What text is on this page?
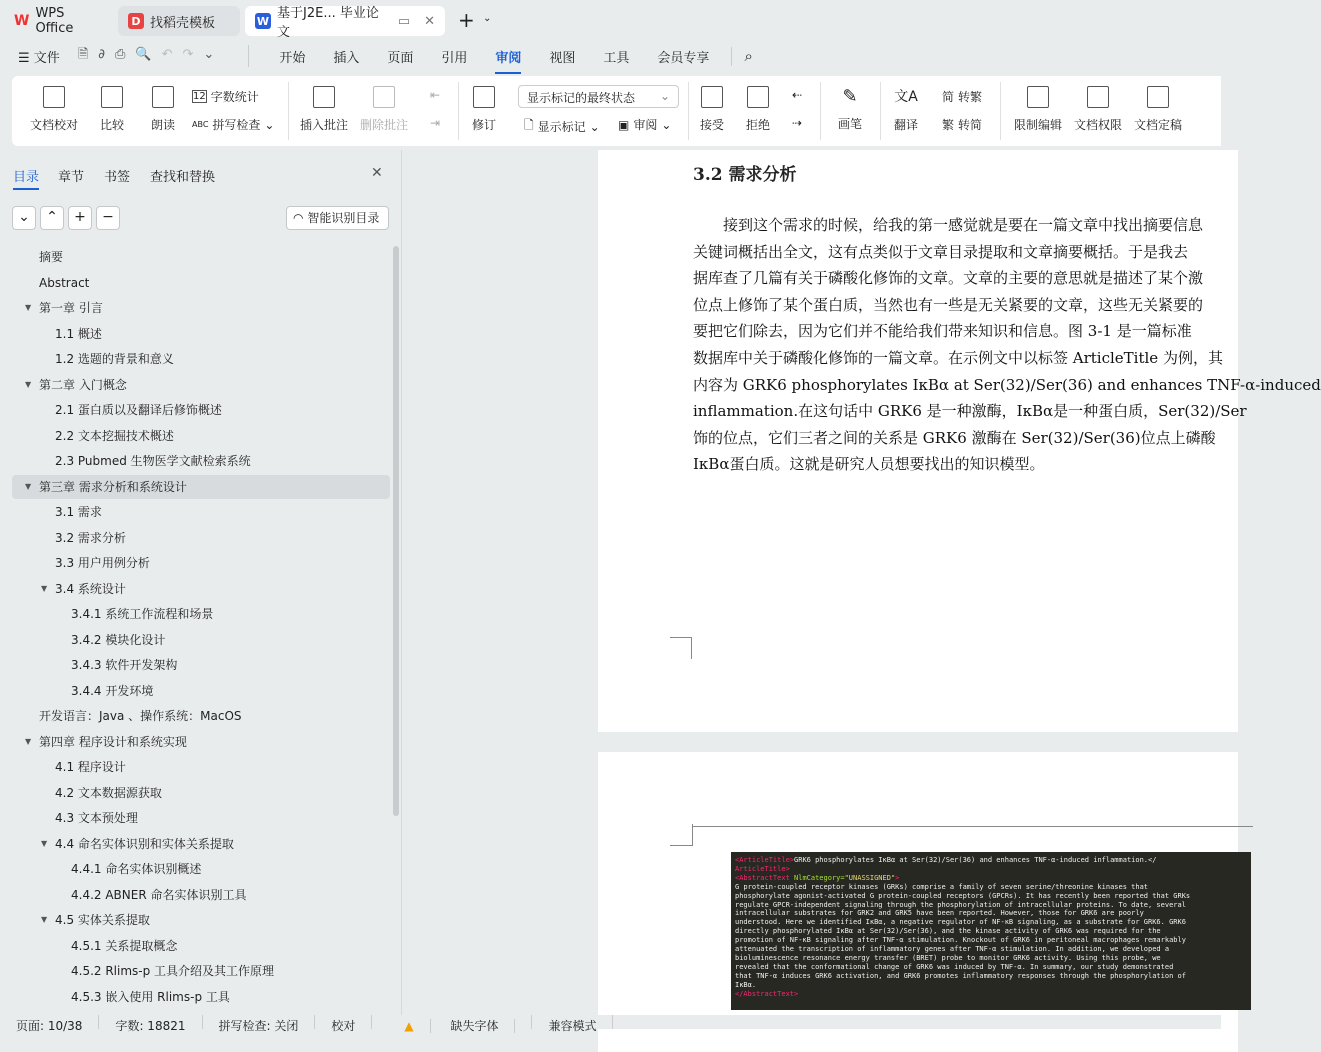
W WPS Office	D 找稻壳模板	W 基于J2E... 毕业论文
▭ ✕ + ⌄
☰ 文件	🗎∂⎙🔍↶↷⌄	开始	插入	页面	引用	审阅	视图	工具	会员专享	⌕
文档校对 比较 朗读
12 字数统计
ABC 拼写检查 ⌄ 插入批注 删除批注
⇤
⇥	修订
显示标记的最终状态 ⌄
🗋 显示标记 ⌄ ▣ 审阅 ⌄ 接受 拒绝
⇠
⇢
✎
画笔
文A
翻译
简 转繁
繁 转简	限制编辑 文档权限 文档定稿
目录 章节 书签 查找和替换	✕
⌄	⌃	+	−	◠ 智能识别目录
摘要
Abstract
▼ 第一章 引言
1.1 概述
1.2 选题的背景和意义
▼ 第二章 入门概念
2.1 蛋白质以及翻译后修饰概述
2.2 文本挖掘技术概述
2.3 Pubmed 生物医学文献检索系统
▼ 第三章 需求分析和系统设计
3.1 需求
3.2 需求分析
3.3 用户用例分析
▼ 3.4 系统设计
3.4.1 系统工作流程和场景
3.4.2 模块化设计
3.4.3 软件开发架构
3.4.4 开发环境
开发语言：Java 、操作系统：MacOS
▼ 第四章 程序设计和系统实现
4.1 程序设计
4.2 文本数据源获取
4.3 文本预处理
▼ 4.4 命名实体识别和实体关系提取
4.4.1 命名实体识别概述
4.4.2 ABNER 命名实体识别工具
▼ 4.5 实体关系提取
4.5.1 关系提取概念
4.5.2 Rlims-p 工具介绍及其工作原理
4.5.3 嵌入使用 Rlims-p 工具
3.2 需求分析
　　接到这个需求的时候，给我的第一感觉就是要在一篇文章中找出摘要信息
关键词概括出全文，这有点类似于文章目录提取和文章摘要概括。于是我去
据库查了几篇有关于磷酸化修饰的文章。文章的主要的意思就是描述了某个激
位点上修饰了某个蛋白质，当然也有一些是无关紧要的文章，这些无关紧要的
要把它们除去，因为它们并不能给我们带来知识和信息。图 3-1 是一篇标准
数据库中关于磷酸化修饰的一篇文章。在示例文中以标签 ArticleTitle 为例，其
内容为 GRK6 phosphorylates IκBα at Ser(32)/Ser(36) and enhances TNF-α-induced
inflammation.在这句话中 GRK6 是一种激酶，IκBα是一种蛋白质，Ser(32)/Ser
饰的位点，它们三者之间的关系是 GRK6 激酶在 Ser(32)/Ser(36)位点上磷酸
IκBα蛋白质。这就是研究人员想要找出的知识模型。
<ArticleTitle>GRK6 phosphorylates IκBα at Ser(32)/Ser(36) and enhances TNF-α-induced inflammation.</
ArticleTitle>
<AbstractText NlmCategory="UNASSIGNED">
G protein-coupled receptor kinases (GRKs) comprise a family of seven serine/threonine kinases that
phosphorylate agonist-activated G protein-coupled receptors (GPCRs). It has recently been reported that GRKs
regulate GPCR-independent signaling through the phosphorylation of intracellular proteins. To date, several
intracellular substrates for GRK2 and GRK5 have been reported. However, those for GRK6 are poorly
understood. Here we identified IκBα, a negative regulator of NF-κB signaling, as a substrate for GRK6. GRK6
directly phosphorylated IκBα at Ser(32)/Ser(36), and the kinase activity of GRK6 was required for the
promotion of NF-κB signaling after TNF-α stimulation. Knockout of GRK6 in peritoneal macrophages remarkably
attenuated the transcription of inflammatory genes after TNF-α stimulation. In addition, we developed a
bioluminescence resonance energy transfer (BRET) probe to monitor GRK6 activity. Using this probe, we
revealed that the conformational change of GRK6 was induced by TNF-α. In summary, our study demonstrated
that TNF-α induces GRK6 activation, and GRK6 promotes inflammatory responses through the phosphorylation of
IκBα.
</AbstractText>
页面: 10/38	字数: 18821	拼写检查: 关闭	校对	▲	缺失字体	兼容模式
